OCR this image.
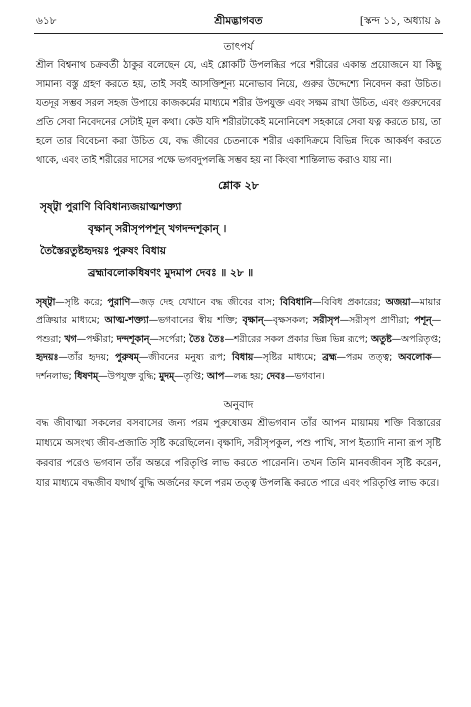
৬১৮	শ্রীমদ্ভাগবত	[স্কন্দ ১১, অধ্যায় ৯
তাৎপর্য

শ্রীল বিশ্বনাথ চক্রবর্তী ঠাকুর বলেছেন যে, এই শ্লোকটি উপলব্ধির পরে শরীরের একান্ত প্রয়োজনে যা কিছু সামান্য বস্তু গ্রহণ করতে হয়, তাই সবই আসক্তিশূন্য মনোভাব নিয়ে, গুরুর উদ্দেশ্যে নিবেদন করা উচিত। যতদূর সম্ভব সরল সহজ উপায়ে কাজকর্মের মাধ্যমে শরীর উপযুক্ত এবং সক্ষম রাখা উচিত, এবং গুরুদেবের প্রতি সেবা নিবেদনের সেটাই মূল কথা। কেউ যদি শরীরটাকেই মনোনিবেশ সহকারে সেবা যত্ন করতে চায়, তা হলে তার বিবেচনা করা উচিত যে, বদ্ধ জীবের চেতনাকে শরীর একাদিক্রমে বিভিন্ন দিকে আকর্ষণ করতে থাকে, এবং তাই শরীরের দাসের পক্ষে ভগবদুপলব্ধি সম্ভব হয় না কিংবা শান্তিলাভ করাও যায় না।

শ্লোক ২৮
সৃষ্ট্বা পুরাণি বিবিধান্যজয়াত্মশক্ত্যা
বৃক্ষান্ সরীসৃপপশূন্ খগদন্দশূকান্ ।
তৈস্তৈরতুষ্টহৃদয়ঃ পুরুষং বিধায়
ব্রহ্মাবলোকধিষণং মুদমাপ দেবঃ ॥ ২৮ ॥

সৃষ্ট্বা—সৃষ্টি করে; পুরাণি—জড় দেহ যেখানে বদ্ধ জীবের বাস; বিবিধানি—বিবিধ প্রকারের; অজয়া—মায়ার প্রক্রিয়ার মাধ্যমে; আত্ম-শক্ত্যা—ভগবানের স্বীয় শক্তি; বৃক্ষান্—বৃক্ষসকল; সরীসৃপ—সরীসৃপ প্রাণীরা; পশূন্—পশুরা; খগ—পক্ষীরা; দন্দশূকান্—সর্পেরা; তৈঃ তৈঃ—শরীরের সকল প্রকার ভিন্ন ভিন্ন রূপে; অতুষ্ট—অপরিতৃপ্ত; হৃদয়ঃ—তাঁর হৃদয়; পুরুষম্—জীবনের মনুষ্য রূপ; বিধায়—সৃষ্টির মাধ্যমে; ব্রহ্ম—পরম তত্ত্ব; অবলোক—দর্শনলাভ; ধিষণম্—উপযুক্ত বুদ্ধি; মুদম্—তৃপ্তি; আপ—লব্ধ হয়; দেবঃ—ভগবান।

অনুবাদ

বদ্ধ জীবাত্মা সকলের বসবাসের জন্য পরম পুরুষোত্তম শ্রীভগবান তাঁর আপন মায়াময় শক্তি বিস্তারের মাধ্যমে অসংখ্য জীব-প্রজাতি সৃষ্টি করেছিলেন। বৃক্ষাদি, সরীসৃপকুল, পশু পাখি, সাপ ইত্যাদি নানা রূপ সৃষ্টি করবার পরেও ভগবান তাঁর অন্তরে পরিতৃপ্তি লাভ করতে পারেননি। তখন তিনি মানবজীবন সৃষ্টি করেন, যার মাধ্যমে বদ্ধজীব যথার্থ বুদ্ধি অর্জনের ফলে পরম তত্ত্ব উপলব্ধি করতে পারে এবং পরিতৃপ্তি লাভ করে।
